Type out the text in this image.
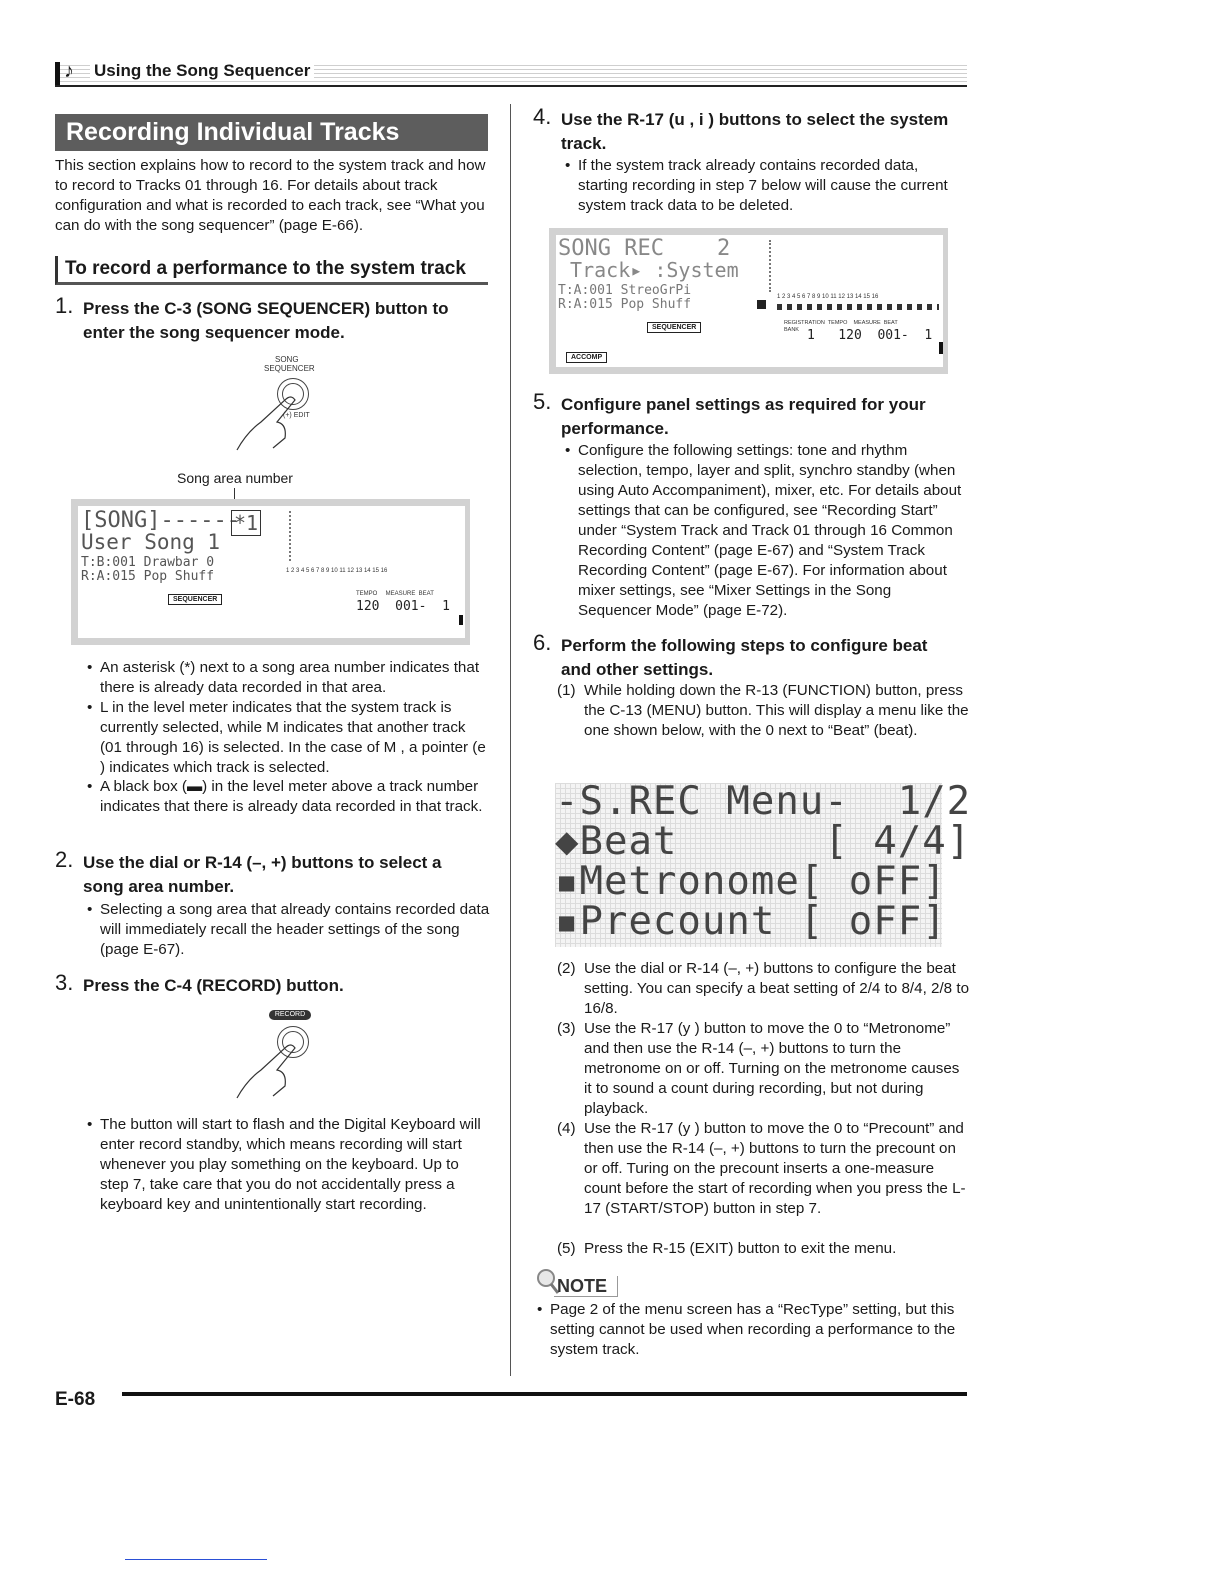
♪ Using the Song Sequencer
Recording Individual Tracks
This section explains how to record to the system track and how to record to Tracks 01 through 16. For details about track configuration and what is recorded to each track, see “What you can do with the song sequencer” (page E-66).
To record a performance to the system track
1. Press the C-3 (SONG SEQUENCER) button to enter the song sequencer mode.
SONG
SEQUENCER
(+) EDIT
Song area number
[SONG]------
*1
User Song 1
T:B:001 Drawbar 0
R:A:015 Pop Shuff	1 2 3 4 5 6 7 8 9 10 11 12 13 14 15 16
SEQUENCER
TEMPO     MEASURE  BEAT
120  001-  1
• An asterisk (*) next to a song area number indicates that there is already data recorded in that area.
• L in the level meter indicates that the system track is currently selected, while M indicates that another track (01 through 16) is selected. In the case of M , a pointer (e ) indicates which track is selected.
• A black box (▬) in the level meter above a track number indicates that there is already data recorded in that track.
2. Use the dial or R-14 (–, +) buttons to select a song area number.
• Selecting a song area that already contains recorded data will immediately recall the header settings of the song (page E-67).
3. Press the C-4 (RECORD) button.
RECORD
• The button will start to flash and the Digital Keyboard will enter record standby, which means recording will start whenever you play something on the keyboard. Up to step 7, take care that you do not accidentally press a keyboard key and unintentionally start recording.
4. Use the R-17 (u , i ) buttons to select the system track.
• If the system track already contains recorded data, starting recording in step 7 below will cause the current system track data to be deleted.
SONG REC    2
Track▸ :System
T:A:001 StreoGrPi
R:A:015 Pop Shuff	1 2 3 4 5 6 7 8 9 10 11 12 13 14 15 16
SEQUENCER
REGISTRATION  TEMPO    MEASURE  BEAT
BANK 1   120  001-  1
ACCOMP
5. Configure panel settings as required for your performance.
• Configure the following settings: tone and rhythm selection, tempo, layer and split, synchro standby (when using Auto Accompaniment), mixer, etc. For details about settings that can be configured, see “Recording Start” under “System Track and Track 01 through 16 Common Recording Content” (page E-67) and “System Track Recording Content” (page E-67). For information about mixer settings, see “Mixer Settings in the Song Sequencer Mode” (page E-72).
6. Perform the following steps to configure beat and other settings.
(1) While holding down the R-13 (FUNCTION) button, press the C-13 (MENU) button. This will display a menu like the one shown below, with the 0 next to “Beat” (beat).
-S.REC Menu-  1/2
◆Beat      [ 4/4]
▪Metronome[ oFF]
▪Precount [ oFF]
(2) Use the dial or R-14 (–, +) buttons to configure the beat setting. You can specify a beat setting of 2/4 to 8/4, 2/8 to 16/8.
(3) Use the R-17 (y ) button to move the 0 to “Metronome” and then use the R-14 (–, +) buttons to turn the metronome on or off. Turning on the metronome causes it to sound a count during recording, but not during playback.
(4) Use the R-17 (y ) button to move the 0 to “Precount” and then use the R-14 (–, +) buttons to turn the precount on or off. Turing on the precount inserts a one-measure count before the start of recording when you press the L-17 (START/STOP) button in step 7.
(5) Press the R-15 (EXIT) button to exit the menu.
NOTE
• Page 2 of the menu screen has a “RecType” setting, but this setting cannot be used when recording a performance to the system track.
E-68
